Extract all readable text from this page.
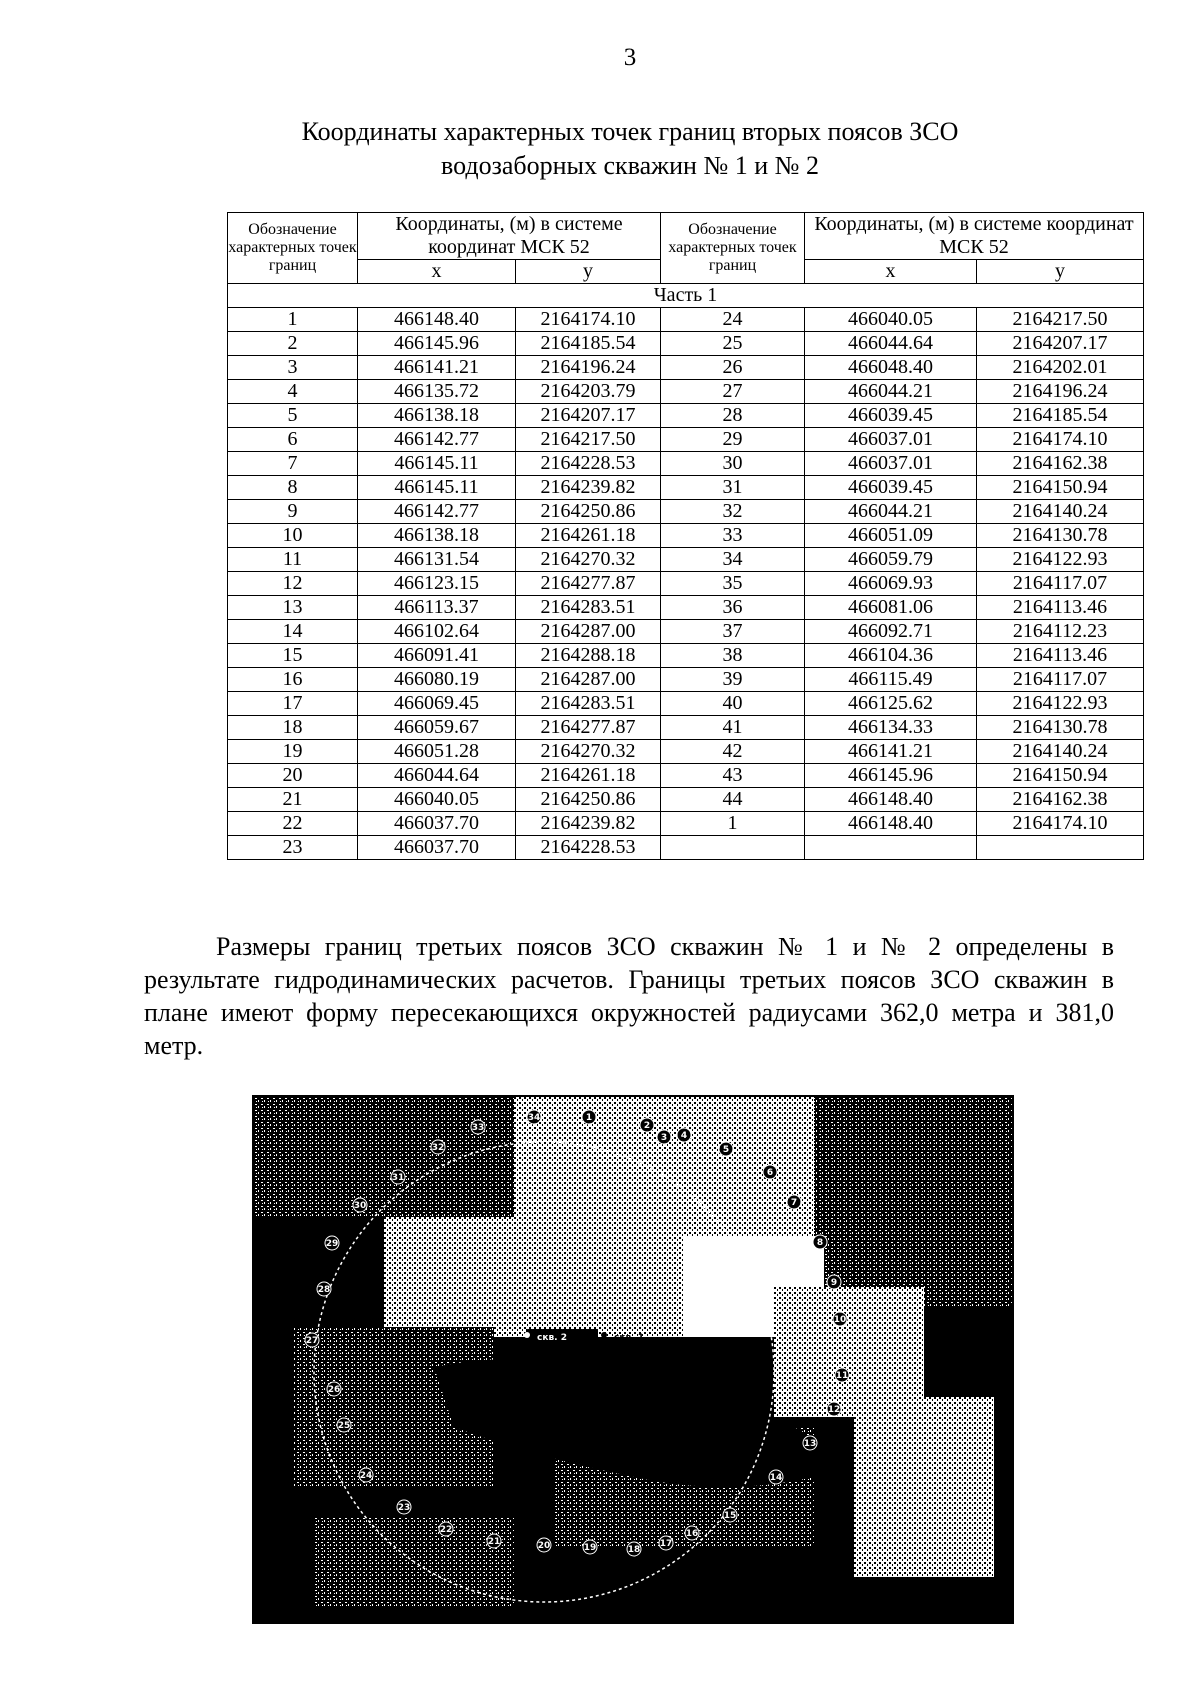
3
Координаты характерных точек границ вторых поясов ЗСО
водозаборных скважин № 1 и № 2
Обозначение характерных точек границ	Координаты, (м) в системе координат МСК 52		Обозначение характерных точек границ	Координаты, (м) в системе координат МСК 52	
	x	y		x	y
Часть 1					
1	466148.40	2164174.10	24	466040.05	2164217.50
2	466145.96	2164185.54	25	466044.64	2164207.17
3	466141.21	2164196.24	26	466048.40	2164202.01
4	466135.72	2164203.79	27	466044.21	2164196.24
5	466138.18	2164207.17	28	466039.45	2164185.54
6	466142.77	2164217.50	29	466037.01	2164174.10
7	466145.11	2164228.53	30	466037.01	2164162.38
8	466145.11	2164239.82	31	466039.45	2164150.94
9	466142.77	2164250.86	32	466044.21	2164140.24
10	466138.18	2164261.18	33	466051.09	2164130.78
11	466131.54	2164270.32	34	466059.79	2164122.93
12	466123.15	2164277.87	35	466069.93	2164117.07
13	466113.37	2164283.51	36	466081.06	2164113.46
14	466102.64	2164287.00	37	466092.71	2164112.23
15	466091.41	2164288.18	38	466104.36	2164113.46
16	466080.19	2164287.00	39	466115.49	2164117.07
17	466069.45	2164283.51	40	466125.62	2164122.93
18	466059.67	2164277.87	41	466134.33	2164130.78
19	466051.28	2164270.32	42	466141.21	2164140.24
20	466044.64	2164261.18	43	466145.96	2164150.94
21	466040.05	2164250.86	44	466148.40	2164162.38
22	466037.70	2164239.82	1	466148.40	2164174.10
23	466037.70	2164228.53			
Размеры границ третьих поясов ЗСО скважин № 1 и № 2 определены в результате гидродинамических расчетов. Границы третьих поясов ЗСО скважин в плане имеют форму пересекающихся окружностей радиусами 362,0 метра и 381,0 метр.
скв. 2	скв. 1
1
2
3 4
5
6
7
8
9
10
11
12
13
14
15
16
17
18
19
20
21
22
23
24
25
26
27
28
29
30
31
32
33
34
